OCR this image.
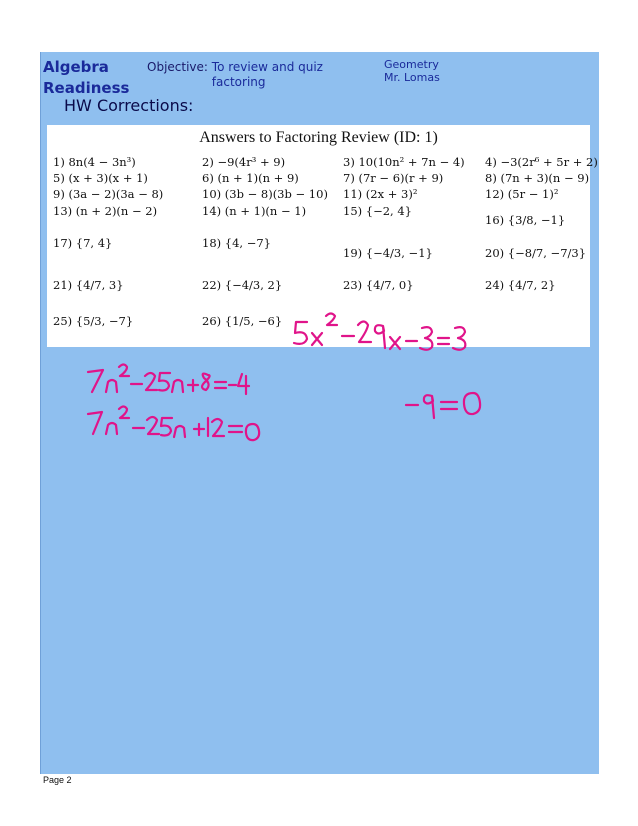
Algebra
Readiness
Objective: To review and quiz factoring
Geometry
Mr. Lomas
HW Corrections:
Answers to Factoring Review (ID: 1)
1) 8n(4 − 3n³)	2) −9(4r³ + 9)	3) 10(10n² + 7n − 4) 4) −3(2r⁶ + 5r + 2)
5) (x + 3)(x + 1)	6) (n + 1)(n + 9)	7) (7r − 6)(r + 9)	8) (7n + 3)(n − 9)
9) (3a − 2)(3a − 8)	10) (3b − 8)(3b − 10) 11) (2x + 3)²	12) (5r − 1)²
13) (n + 2)(n − 2)	14) (n + 1)(n − 1)	15) {−2, 4}
16) {3/8, −1}
17) {7, 4}	18) {4, −7}
19) {−4/3, −1}	20) {−8/7, −7/3}
21) {4/7, 3}	22) {−4/3, 2}	23) {4/7, 0}	24) {4/7, 2}
25) {5/3, −7}	26) {1/5, −6}
Page 2
